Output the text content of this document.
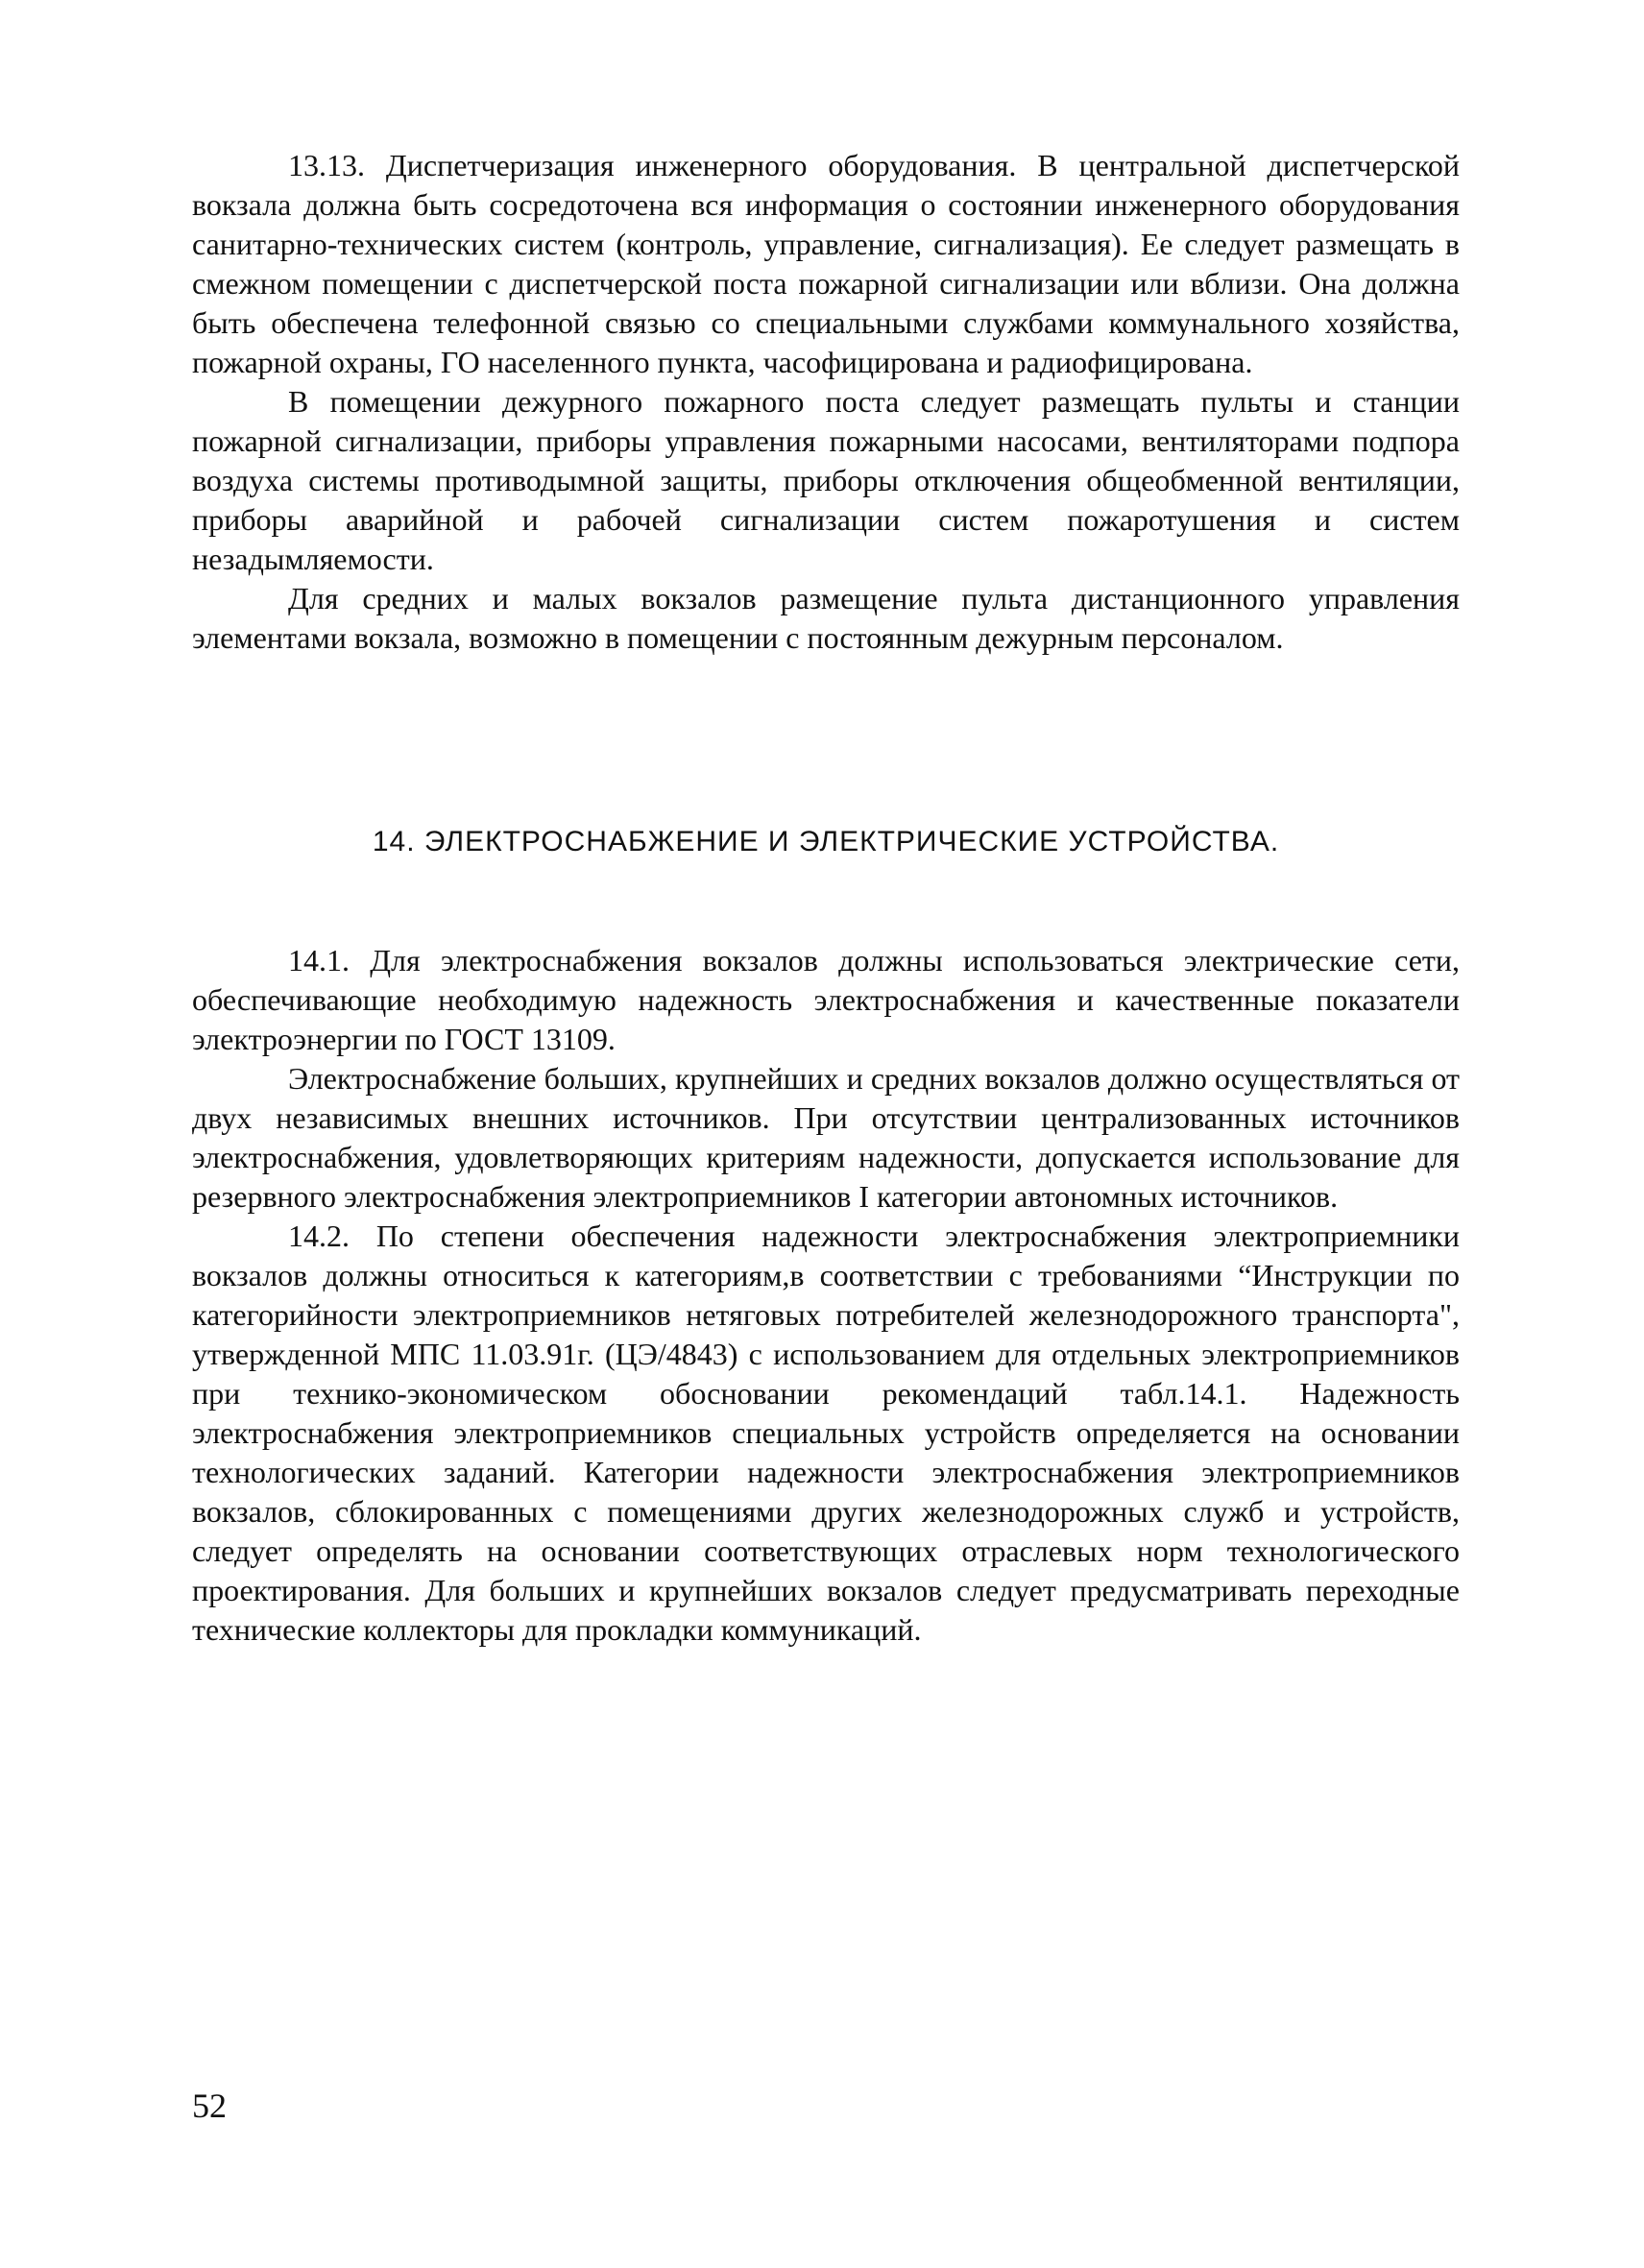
13.13. Диспетчеризация инженерного оборудования. В центральной диспетчерской вокзала должна быть сосредоточена вся информация о состоянии инженерного оборудования санитарно-технических систем (контроль, управление, сигнализация). Ее следует размещать в смежном помещении с диспетчерской поста пожарной сигнализации или вблизи. Она должна быть обеспечена телефонной связью со специальными службами коммунального хозяйства, пожарной охраны, ГО населенного пункта, часофицирована и радиофицирована.

В помещении дежурного пожарного поста следует размещать пульты и станции пожарной сигнализации, приборы управления пожарными насосами, вентиляторами подпора воздуха системы противодымной защиты, приборы отключения общеобменной вентиляции, приборы аварийной и рабочей сигнализации систем пожаротушения и систем незадымляемости.

Для средних и малых вокзалов размещение пульта дистанционного управления элементами вокзала, возможно в помещении с постоянным дежурным персоналом.

14. ЭЛЕКТРОСНАБЖЕНИЕ И ЭЛЕКТРИЧЕСКИЕ УСТРОЙСТВА.

14.1. Для электроснабжения вокзалов должны использоваться электрические сети, обеспечивающие необходимую надежность электроснабжения и качественные показатели электроэнергии по ГОСТ 13109.

Электроснабжение больших, крупнейших и средних вокзалов должно осуществляться от двух независимых внешних источников. При отсутствии централизованных источников электроснабжения, удовлетворяющих критериям надежности, допускается использование для резервного электроснабжения электроприемников I категории автономных источников.

14.2. По степени обеспечения надежности электроснабжения электроприемники вокзалов должны относиться к категориям,в соответствии с требованиями “Инструкции по категорийности электроприемников нетяговых потребителей железнодорожного транспорта", утвержденной МПС 11.03.91г. (ЦЭ/4843) с использованием для отдельных электроприемников при технико-экономическом обосновании рекомендаций табл.14.1. Надежность электроснабжения электроприемников специальных устройств определяется на основании технологических заданий. Категории надежности электроснабжения электроприемников вокзалов, сблокированных с помещениями других железнодорожных служб и устройств, следует определять на основании соответствующих отраслевых норм технологического проектирования. Для больших и крупнейших вокзалов следует предусматривать переходные технические коллекторы для прокладки коммуникаций.

52
